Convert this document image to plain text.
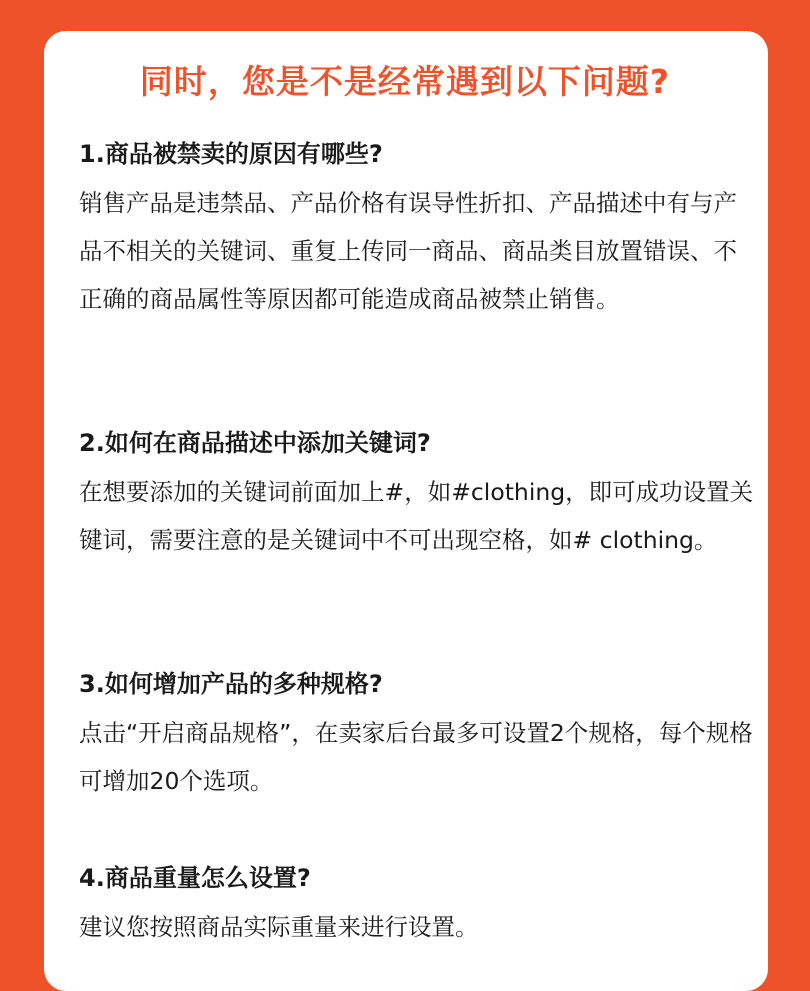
同时，您是不是经常遇到以下问题?

1.商品被禁卖的原因有哪些?

销售产品是违禁品、产品价格有误导性折扣、产品描述中有与产品不相关的关键词、重复上传同一商品、商品类目放置错误、不正确的商品属性等原因都可能造成商品被禁止销售。

2.如何在商品描述中添加关键词?

在想要添加的关键词前面加上#，如#clothing，即可成功设置关键词，需要注意的是关键词中不可出现空格，如# clothing。

3.如何增加产品的多种规格?

点击“开启商品规格”，在卖家后台最多可设置2个规格，每个规格可增加20个选项。

4.商品重量怎么设置?

建议您按照商品实际重量来进行设置。
